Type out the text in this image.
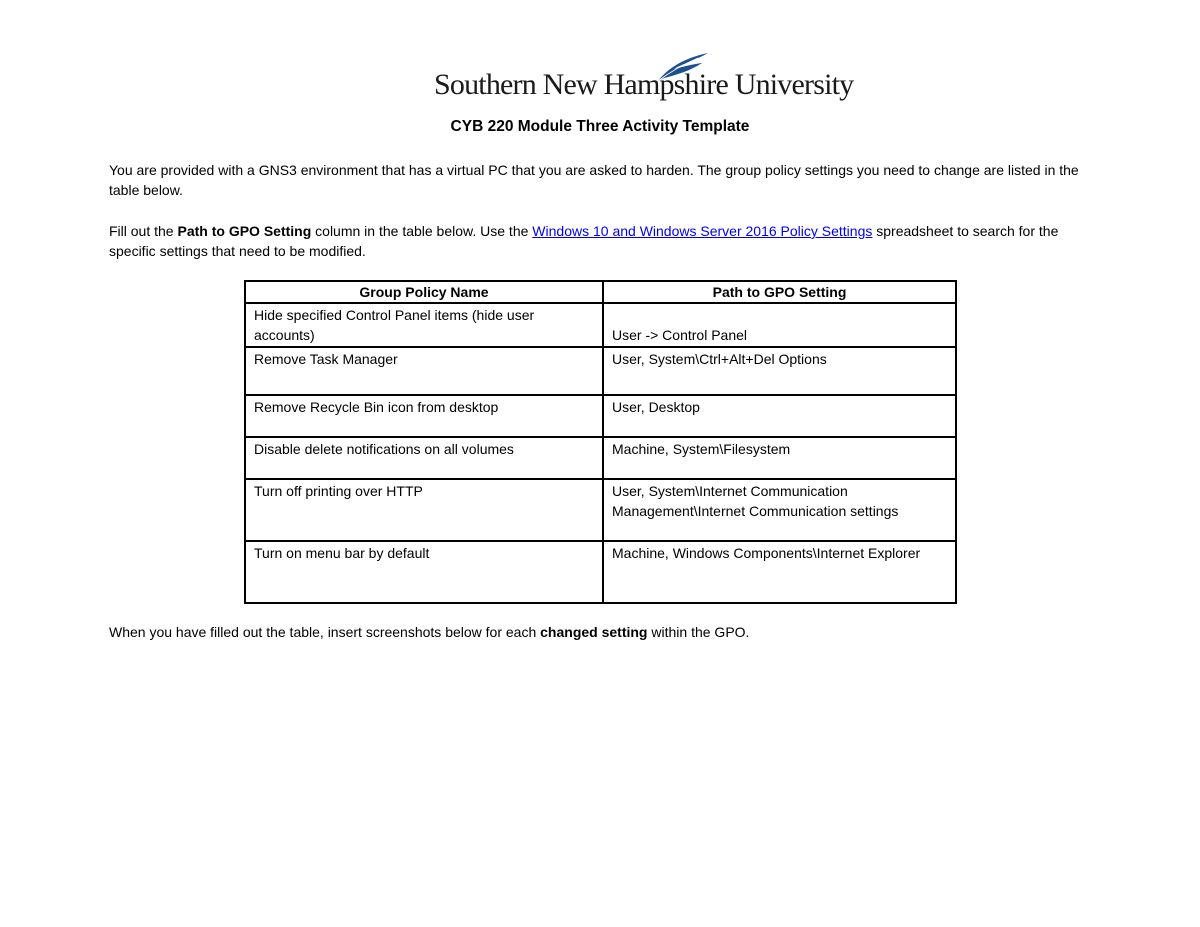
Southern New Hampshire University
CYB 220 Module Three Activity Template

You are provided with a GNS3 environment that has a virtual PC that you are asked to harden. The group policy settings you need to change are listed in the table below.

Fill out the Path to GPO Setting column in the table below. Use the Windows 10 and Windows Server 2016 Policy Settings spreadsheet to search for the specific settings that need to be modified.

Group Policy Name	Path to GPO Setting
Hide specified Control Panel items (hide user accounts)	User -> Control Panel
Remove Task Manager	User, System\Ctrl+Alt+Del Options
Remove Recycle Bin icon from desktop	User, Desktop
Disable delete notifications on all volumes	Machine, System\Filesystem
Turn off printing over HTTP	User, System\Internet Communication Management\Internet Communication settings
Turn on menu bar by default	Machine, Windows Components\Internet Explorer

When you have filled out the table, insert screenshots below for each changed setting within the GPO.
